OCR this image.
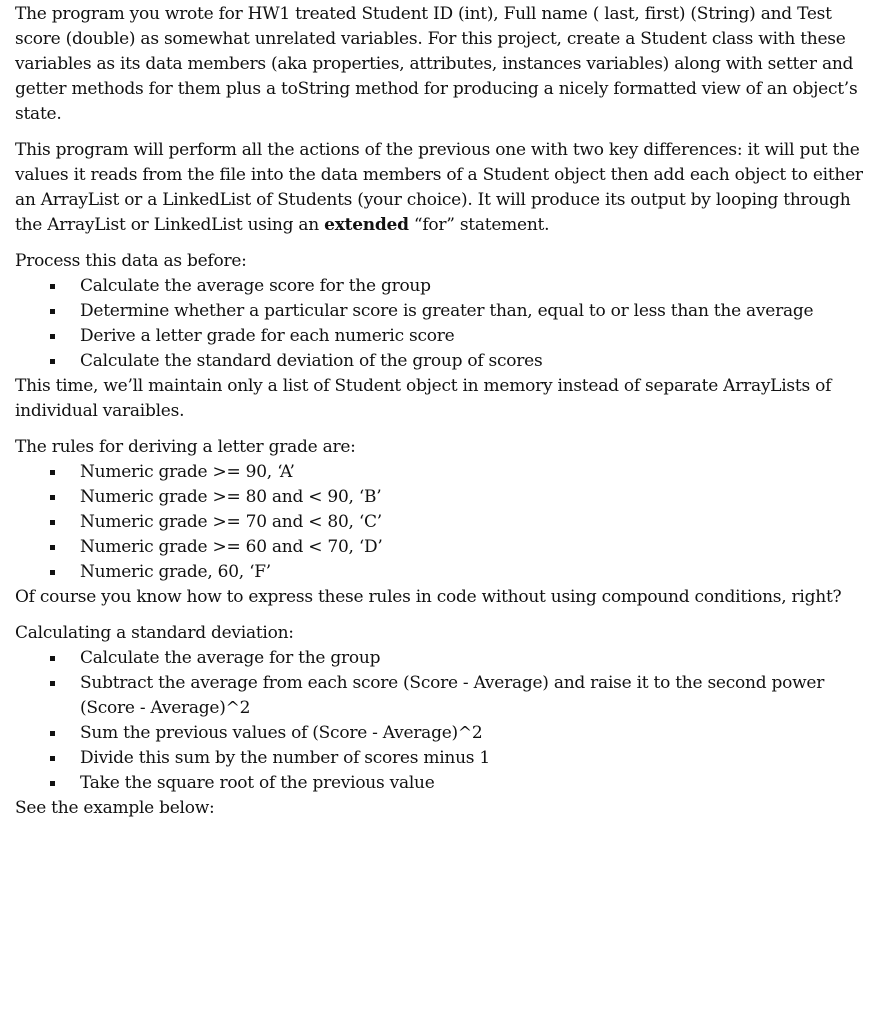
The program you wrote for HW1 treated Student ID (int), Full name ( last, first) (String) and Test score (double) as somewhat unrelated variables. For this project, create a Student class with these variables as its data members (aka properties, attributes, instances variables) along with setter and getter methods for them plus a toString method for producing a nicely formatted view of an object’s state.

This program will perform all the actions of the previous one with two key differences: it will put the values it reads from the file into the data members of a Student object then add each object to either an ArrayList or a LinkedList of Students (your choice). It will produce its output by looping through the ArrayList or LinkedList using an extended “for” statement.

Process this data as before:

Calculate the average score for the group
Determine whether a particular score is greater than, equal to or less than the average
Derive a letter grade for each numeric score
Calculate the standard deviation of the group of scores

This time, we’ll maintain only a list of Student object in memory instead of separate ArrayLists of individual varaibles.

The rules for deriving a letter grade are:

Numeric grade >= 90, ‘A’
Numeric grade >= 80 and < 90, ‘B’
Numeric grade >= 70 and < 80, ‘C’
Numeric grade >= 60 and < 70, ‘D’
Numeric grade, 60, ‘F’

Of course you know how to express these rules in code without using compound conditions, right?

Calculating a standard deviation:

Calculate the average for the group
Subtract the average from each score (Score - Average) and raise it to the second power (Score - Average)^2
Sum the previous values of (Score - Average)^2
Divide this sum by the number of scores minus 1
Take the square root of the previous value

See the example below:
